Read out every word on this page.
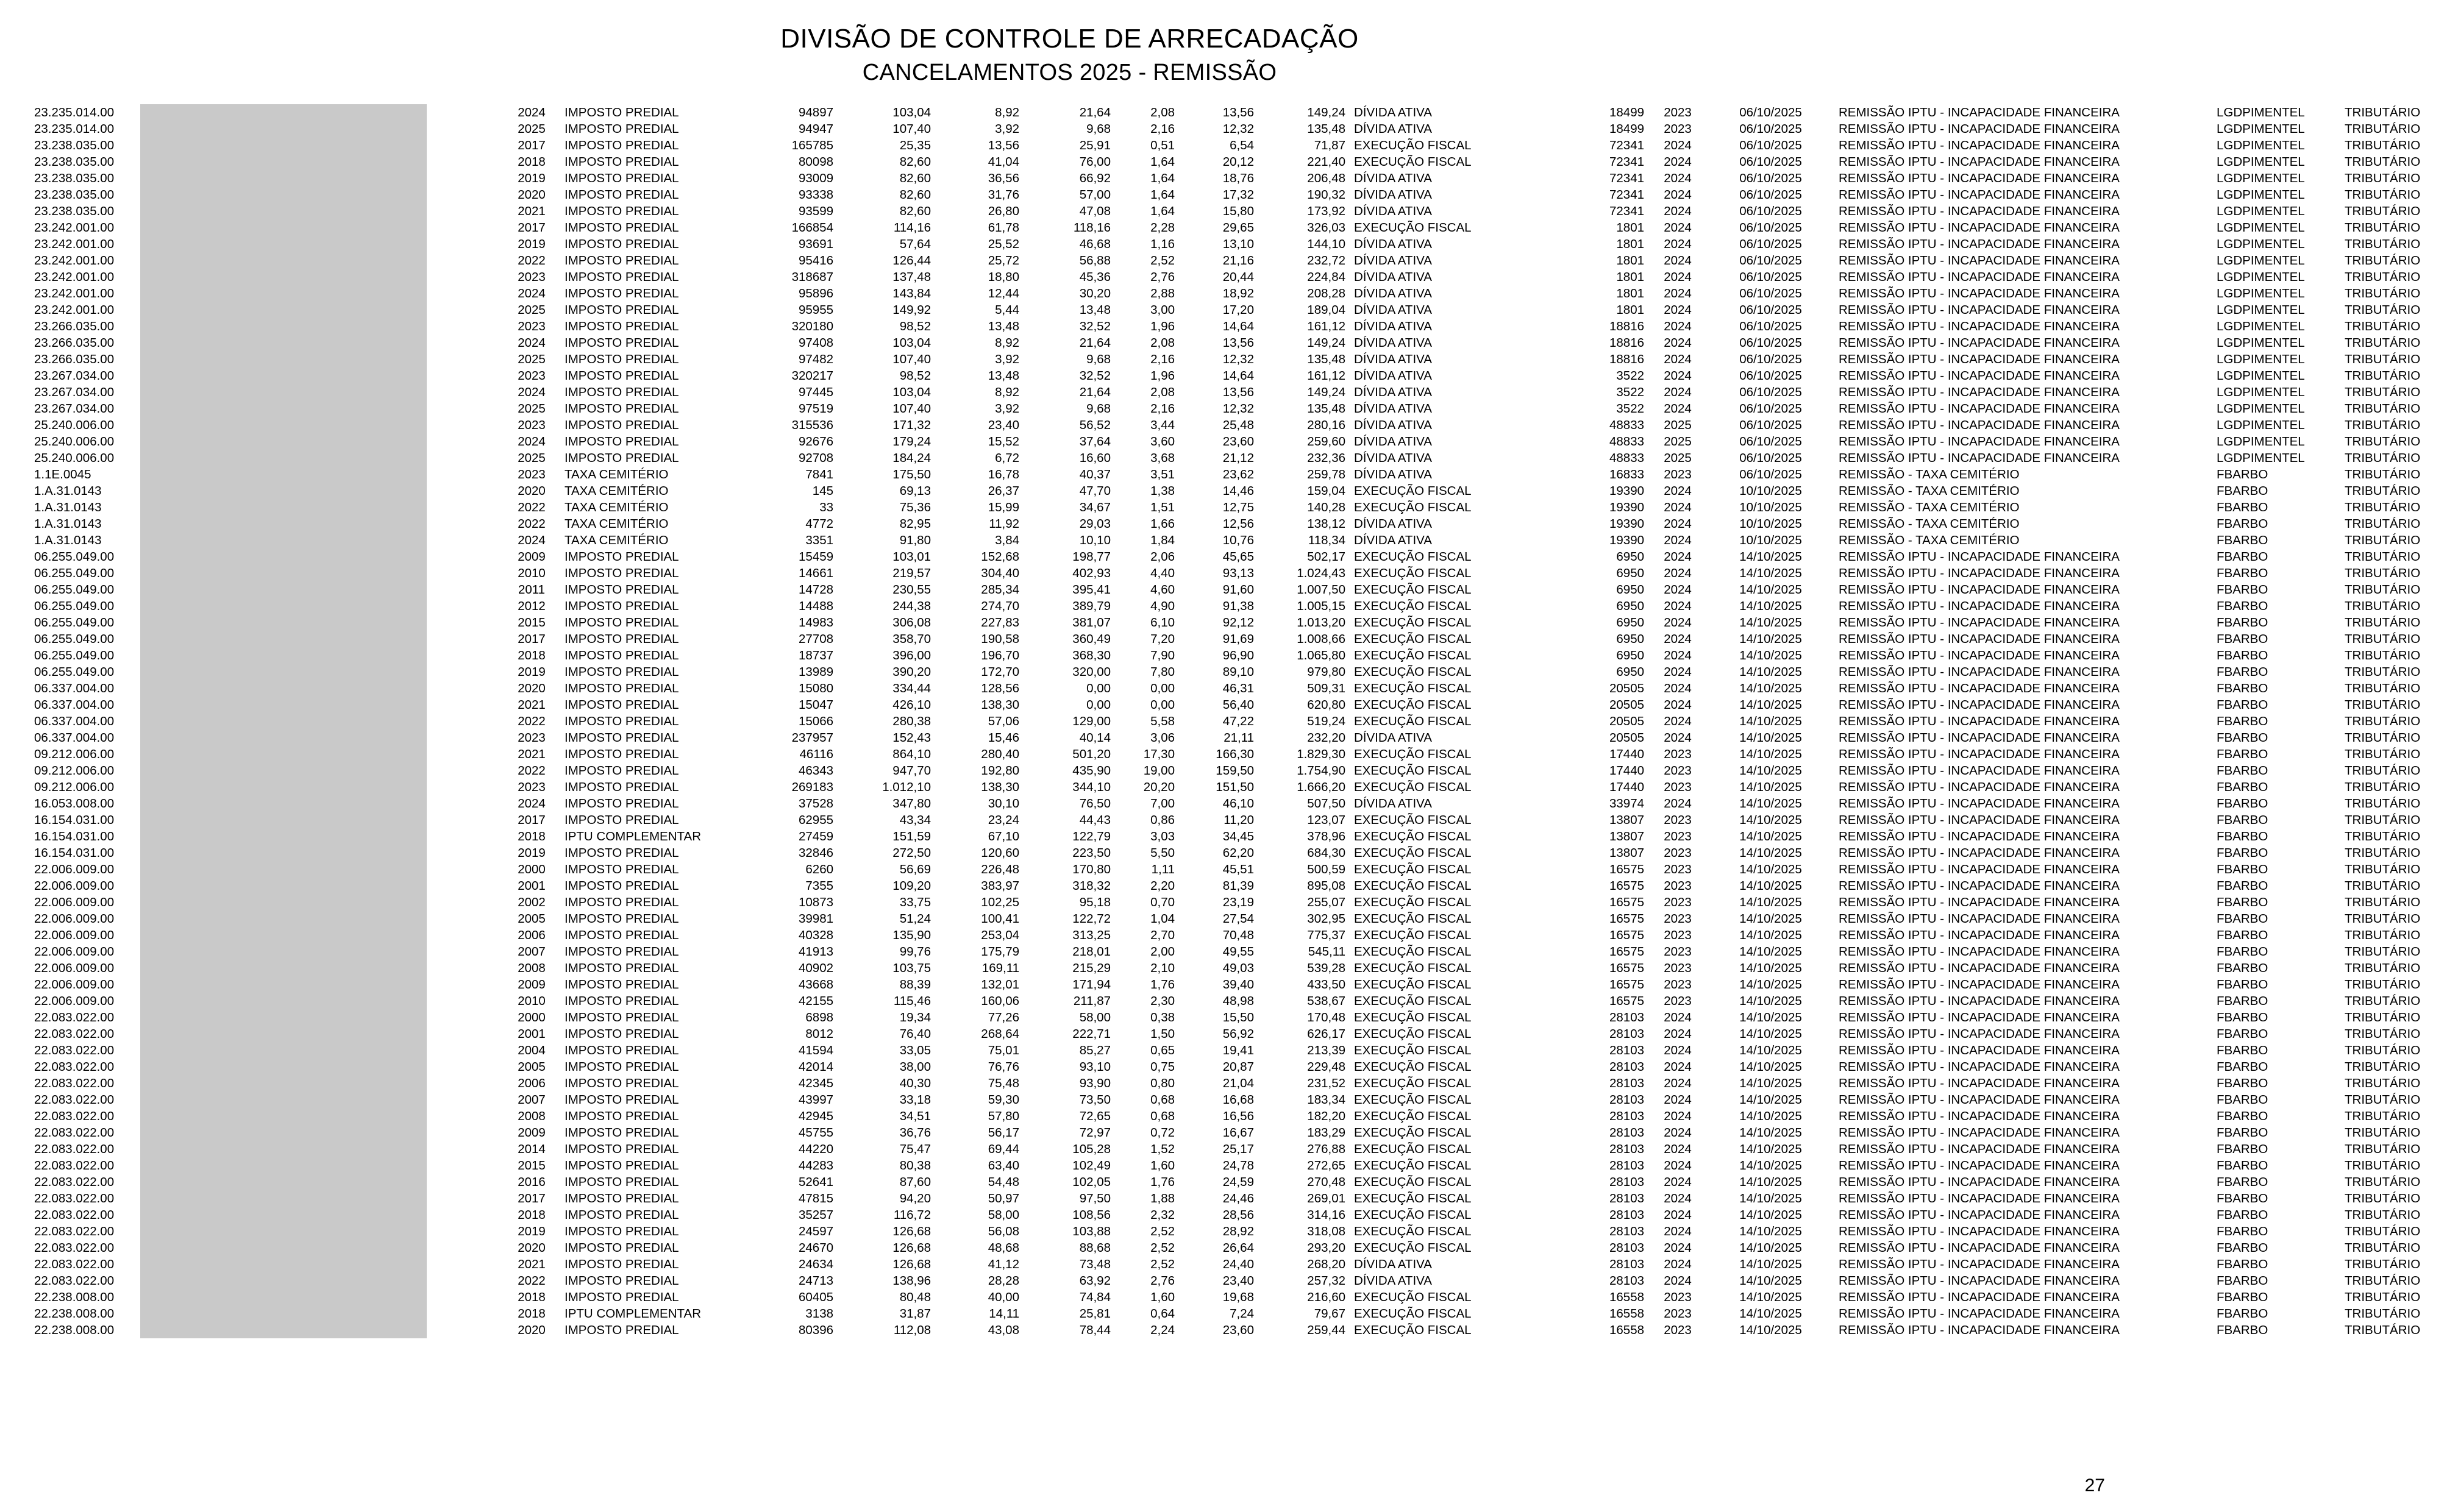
DIVISÃO DE CONTROLE DE ARRECADAÇÃO
CANCELAMENTOS 2025 - REMISSÃO
23.235.014.00			2024	IMPOSTO PREDIAL	94897	103,04	8,92	21,64	2,08	13,56	149,24	DÍVIDA ATIVA	18499	2023	06/10/2025	REMISSÃO IPTU - INCAPACIDADE FINANCEIRA	LGDPIMENTEL	TRIBUTÁRIO
23.235.014.00			2025	IMPOSTO PREDIAL	94947	107,40	3,92	9,68	2,16	12,32	135,48	DÍVIDA ATIVA	18499	2023	06/10/2025	REMISSÃO IPTU - INCAPACIDADE FINANCEIRA	LGDPIMENTEL	TRIBUTÁRIO
23.238.035.00			2017	IMPOSTO PREDIAL	165785	25,35	13,56	25,91	0,51	6,54	71,87	EXECUÇÃO FISCAL	72341	2024	06/10/2025	REMISSÃO IPTU - INCAPACIDADE FINANCEIRA	LGDPIMENTEL	TRIBUTÁRIO
23.238.035.00			2018	IMPOSTO PREDIAL	80098	82,60	41,04	76,00	1,64	20,12	221,40	EXECUÇÃO FISCAL	72341	2024	06/10/2025	REMISSÃO IPTU - INCAPACIDADE FINANCEIRA	LGDPIMENTEL	TRIBUTÁRIO
23.238.035.00			2019	IMPOSTO PREDIAL	93009	82,60	36,56	66,92	1,64	18,76	206,48	DÍVIDA ATIVA	72341	2024	06/10/2025	REMISSÃO IPTU - INCAPACIDADE FINANCEIRA	LGDPIMENTEL	TRIBUTÁRIO
23.238.035.00			2020	IMPOSTO PREDIAL	93338	82,60	31,76	57,00	1,64	17,32	190,32	DÍVIDA ATIVA	72341	2024	06/10/2025	REMISSÃO IPTU - INCAPACIDADE FINANCEIRA	LGDPIMENTEL	TRIBUTÁRIO
23.238.035.00			2021	IMPOSTO PREDIAL	93599	82,60	26,80	47,08	1,64	15,80	173,92	DÍVIDA ATIVA	72341	2024	06/10/2025	REMISSÃO IPTU - INCAPACIDADE FINANCEIRA	LGDPIMENTEL	TRIBUTÁRIO
23.242.001.00			2017	IMPOSTO PREDIAL	166854	114,16	61,78	118,16	2,28	29,65	326,03	EXECUÇÃO FISCAL	1801	2024	06/10/2025	REMISSÃO IPTU - INCAPACIDADE FINANCEIRA	LGDPIMENTEL	TRIBUTÁRIO
23.242.001.00			2019	IMPOSTO PREDIAL	93691	57,64	25,52	46,68	1,16	13,10	144,10	DÍVIDA ATIVA	1801	2024	06/10/2025	REMISSÃO IPTU - INCAPACIDADE FINANCEIRA	LGDPIMENTEL	TRIBUTÁRIO
23.242.001.00			2022	IMPOSTO PREDIAL	95416	126,44	25,72	56,88	2,52	21,16	232,72	DÍVIDA ATIVA	1801	2024	06/10/2025	REMISSÃO IPTU - INCAPACIDADE FINANCEIRA	LGDPIMENTEL	TRIBUTÁRIO
23.242.001.00			2023	IMPOSTO PREDIAL	318687	137,48	18,80	45,36	2,76	20,44	224,84	DÍVIDA ATIVA	1801	2024	06/10/2025	REMISSÃO IPTU - INCAPACIDADE FINANCEIRA	LGDPIMENTEL	TRIBUTÁRIO
23.242.001.00			2024	IMPOSTO PREDIAL	95896	143,84	12,44	30,20	2,88	18,92	208,28	DÍVIDA ATIVA	1801	2024	06/10/2025	REMISSÃO IPTU - INCAPACIDADE FINANCEIRA	LGDPIMENTEL	TRIBUTÁRIO
23.242.001.00			2025	IMPOSTO PREDIAL	95955	149,92	5,44	13,48	3,00	17,20	189,04	DÍVIDA ATIVA	1801	2024	06/10/2025	REMISSÃO IPTU - INCAPACIDADE FINANCEIRA	LGDPIMENTEL	TRIBUTÁRIO
23.266.035.00			2023	IMPOSTO PREDIAL	320180	98,52	13,48	32,52	1,96	14,64	161,12	DÍVIDA ATIVA	18816	2024	06/10/2025	REMISSÃO IPTU - INCAPACIDADE FINANCEIRA	LGDPIMENTEL	TRIBUTÁRIO
23.266.035.00			2024	IMPOSTO PREDIAL	97408	103,04	8,92	21,64	2,08	13,56	149,24	DÍVIDA ATIVA	18816	2024	06/10/2025	REMISSÃO IPTU - INCAPACIDADE FINANCEIRA	LGDPIMENTEL	TRIBUTÁRIO
23.266.035.00			2025	IMPOSTO PREDIAL	97482	107,40	3,92	9,68	2,16	12,32	135,48	DÍVIDA ATIVA	18816	2024	06/10/2025	REMISSÃO IPTU - INCAPACIDADE FINANCEIRA	LGDPIMENTEL	TRIBUTÁRIO
23.267.034.00			2023	IMPOSTO PREDIAL	320217	98,52	13,48	32,52	1,96	14,64	161,12	DÍVIDA ATIVA	3522	2024	06/10/2025	REMISSÃO IPTU - INCAPACIDADE FINANCEIRA	LGDPIMENTEL	TRIBUTÁRIO
23.267.034.00			2024	IMPOSTO PREDIAL	97445	103,04	8,92	21,64	2,08	13,56	149,24	DÍVIDA ATIVA	3522	2024	06/10/2025	REMISSÃO IPTU - INCAPACIDADE FINANCEIRA	LGDPIMENTEL	TRIBUTÁRIO
23.267.034.00			2025	IMPOSTO PREDIAL	97519	107,40	3,92	9,68	2,16	12,32	135,48	DÍVIDA ATIVA	3522	2024	06/10/2025	REMISSÃO IPTU - INCAPACIDADE FINANCEIRA	LGDPIMENTEL	TRIBUTÁRIO
25.240.006.00			2023	IMPOSTO PREDIAL	315536	171,32	23,40	56,52	3,44	25,48	280,16	DÍVIDA ATIVA	48833	2025	06/10/2025	REMISSÃO IPTU - INCAPACIDADE FINANCEIRA	LGDPIMENTEL	TRIBUTÁRIO
25.240.006.00			2024	IMPOSTO PREDIAL	92676	179,24	15,52	37,64	3,60	23,60	259,60	DÍVIDA ATIVA	48833	2025	06/10/2025	REMISSÃO IPTU - INCAPACIDADE FINANCEIRA	LGDPIMENTEL	TRIBUTÁRIO
25.240.006.00			2025	IMPOSTO PREDIAL	92708	184,24	6,72	16,60	3,68	21,12	232,36	DÍVIDA ATIVA	48833	2025	06/10/2025	REMISSÃO IPTU - INCAPACIDADE FINANCEIRA	LGDPIMENTEL	TRIBUTÁRIO
1.1E.0045			2023	TAXA CEMITÉRIO	7841	175,50	16,78	40,37	3,51	23,62	259,78	DÍVIDA ATIVA	16833	2023	06/10/2025	REMISSÃO - TAXA CEMITÉRIO	FBARBO	TRIBUTÁRIO
1.A.31.0143			2020	TAXA CEMITÉRIO	145	69,13	26,37	47,70	1,38	14,46	159,04	EXECUÇÃO FISCAL	19390	2024	10/10/2025	REMISSÃO - TAXA CEMITÉRIO	FBARBO	TRIBUTÁRIO
1.A.31.0143			2022	TAXA CEMITÉRIO	33	75,36	15,99	34,67	1,51	12,75	140,28	EXECUÇÃO FISCAL	19390	2024	10/10/2025	REMISSÃO - TAXA CEMITÉRIO	FBARBO	TRIBUTÁRIO
1.A.31.0143			2022	TAXA CEMITÉRIO	4772	82,95	11,92	29,03	1,66	12,56	138,12	DÍVIDA ATIVA	19390	2024	10/10/2025	REMISSÃO - TAXA CEMITÉRIO	FBARBO	TRIBUTÁRIO
1.A.31.0143			2024	TAXA CEMITÉRIO	3351	91,80	3,84	10,10	1,84	10,76	118,34	DÍVIDA ATIVA	19390	2024	10/10/2025	REMISSÃO - TAXA CEMITÉRIO	FBARBO	TRIBUTÁRIO
06.255.049.00			2009	IMPOSTO PREDIAL	15459	103,01	152,68	198,77	2,06	45,65	502,17	EXECUÇÃO FISCAL	6950	2024	14/10/2025	REMISSÃO IPTU - INCAPACIDADE FINANCEIRA	FBARBO	TRIBUTÁRIO
06.255.049.00			2010	IMPOSTO PREDIAL	14661	219,57	304,40	402,93	4,40	93,13	1.024,43	EXECUÇÃO FISCAL	6950	2024	14/10/2025	REMISSÃO IPTU - INCAPACIDADE FINANCEIRA	FBARBO	TRIBUTÁRIO
06.255.049.00			2011	IMPOSTO PREDIAL	14728	230,55	285,34	395,41	4,60	91,60	1.007,50	EXECUÇÃO FISCAL	6950	2024	14/10/2025	REMISSÃO IPTU - INCAPACIDADE FINANCEIRA	FBARBO	TRIBUTÁRIO
06.255.049.00			2012	IMPOSTO PREDIAL	14488	244,38	274,70	389,79	4,90	91,38	1.005,15	EXECUÇÃO FISCAL	6950	2024	14/10/2025	REMISSÃO IPTU - INCAPACIDADE FINANCEIRA	FBARBO	TRIBUTÁRIO
06.255.049.00			2015	IMPOSTO PREDIAL	14983	306,08	227,83	381,07	6,10	92,12	1.013,20	EXECUÇÃO FISCAL	6950	2024	14/10/2025	REMISSÃO IPTU - INCAPACIDADE FINANCEIRA	FBARBO	TRIBUTÁRIO
06.255.049.00			2017	IMPOSTO PREDIAL	27708	358,70	190,58	360,49	7,20	91,69	1.008,66	EXECUÇÃO FISCAL	6950	2024	14/10/2025	REMISSÃO IPTU - INCAPACIDADE FINANCEIRA	FBARBO	TRIBUTÁRIO
06.255.049.00			2018	IMPOSTO PREDIAL	18737	396,00	196,70	368,30	7,90	96,90	1.065,80	EXECUÇÃO FISCAL	6950	2024	14/10/2025	REMISSÃO IPTU - INCAPACIDADE FINANCEIRA	FBARBO	TRIBUTÁRIO
06.255.049.00			2019	IMPOSTO PREDIAL	13989	390,20	172,70	320,00	7,80	89,10	979,80	EXECUÇÃO FISCAL	6950	2024	14/10/2025	REMISSÃO IPTU - INCAPACIDADE FINANCEIRA	FBARBO	TRIBUTÁRIO
06.337.004.00			2020	IMPOSTO PREDIAL	15080	334,44	128,56	0,00	0,00	46,31	509,31	EXECUÇÃO FISCAL	20505	2024	14/10/2025	REMISSÃO IPTU - INCAPACIDADE FINANCEIRA	FBARBO	TRIBUTÁRIO
06.337.004.00			2021	IMPOSTO PREDIAL	15047	426,10	138,30	0,00	0,00	56,40	620,80	EXECUÇÃO FISCAL	20505	2024	14/10/2025	REMISSÃO IPTU - INCAPACIDADE FINANCEIRA	FBARBO	TRIBUTÁRIO
06.337.004.00			2022	IMPOSTO PREDIAL	15066	280,38	57,06	129,00	5,58	47,22	519,24	EXECUÇÃO FISCAL	20505	2024	14/10/2025	REMISSÃO IPTU - INCAPACIDADE FINANCEIRA	FBARBO	TRIBUTÁRIO
06.337.004.00			2023	IMPOSTO PREDIAL	237957	152,43	15,46	40,14	3,06	21,11	232,20	DÍVIDA ATIVA	20505	2024	14/10/2025	REMISSÃO IPTU - INCAPACIDADE FINANCEIRA	FBARBO	TRIBUTÁRIO
09.212.006.00			2021	IMPOSTO PREDIAL	46116	864,10	280,40	501,20	17,30	166,30	1.829,30	EXECUÇÃO FISCAL	17440	2023	14/10/2025	REMISSÃO IPTU - INCAPACIDADE FINANCEIRA	FBARBO	TRIBUTÁRIO
09.212.006.00			2022	IMPOSTO PREDIAL	46343	947,70	192,80	435,90	19,00	159,50	1.754,90	EXECUÇÃO FISCAL	17440	2023	14/10/2025	REMISSÃO IPTU - INCAPACIDADE FINANCEIRA	FBARBO	TRIBUTÁRIO
09.212.006.00			2023	IMPOSTO PREDIAL	269183	1.012,10	138,30	344,10	20,20	151,50	1.666,20	EXECUÇÃO FISCAL	17440	2023	14/10/2025	REMISSÃO IPTU - INCAPACIDADE FINANCEIRA	FBARBO	TRIBUTÁRIO
16.053.008.00			2024	IMPOSTO PREDIAL	37528	347,80	30,10	76,50	7,00	46,10	507,50	DÍVIDA ATIVA	33974	2024	14/10/2025	REMISSÃO IPTU - INCAPACIDADE FINANCEIRA	FBARBO	TRIBUTÁRIO
16.154.031.00			2017	IMPOSTO PREDIAL	62955	43,34	23,24	44,43	0,86	11,20	123,07	EXECUÇÃO FISCAL	13807	2023	14/10/2025	REMISSÃO IPTU - INCAPACIDADE FINANCEIRA	FBARBO	TRIBUTÁRIO
16.154.031.00			2018	IPTU COMPLEMENTAR	27459	151,59	67,10	122,79	3,03	34,45	378,96	EXECUÇÃO FISCAL	13807	2023	14/10/2025	REMISSÃO IPTU - INCAPACIDADE FINANCEIRA	FBARBO	TRIBUTÁRIO
16.154.031.00			2019	IMPOSTO PREDIAL	32846	272,50	120,60	223,50	5,50	62,20	684,30	EXECUÇÃO FISCAL	13807	2023	14/10/2025	REMISSÃO IPTU - INCAPACIDADE FINANCEIRA	FBARBO	TRIBUTÁRIO
22.006.009.00			2000	IMPOSTO PREDIAL	6260	56,69	226,48	170,80	1,11	45,51	500,59	EXECUÇÃO FISCAL	16575	2023	14/10/2025	REMISSÃO IPTU - INCAPACIDADE FINANCEIRA	FBARBO	TRIBUTÁRIO
22.006.009.00			2001	IMPOSTO PREDIAL	7355	109,20	383,97	318,32	2,20	81,39	895,08	EXECUÇÃO FISCAL	16575	2023	14/10/2025	REMISSÃO IPTU - INCAPACIDADE FINANCEIRA	FBARBO	TRIBUTÁRIO
22.006.009.00			2002	IMPOSTO PREDIAL	10873	33,75	102,25	95,18	0,70	23,19	255,07	EXECUÇÃO FISCAL	16575	2023	14/10/2025	REMISSÃO IPTU - INCAPACIDADE FINANCEIRA	FBARBO	TRIBUTÁRIO
22.006.009.00			2005	IMPOSTO PREDIAL	39981	51,24	100,41	122,72	1,04	27,54	302,95	EXECUÇÃO FISCAL	16575	2023	14/10/2025	REMISSÃO IPTU - INCAPACIDADE FINANCEIRA	FBARBO	TRIBUTÁRIO
22.006.009.00			2006	IMPOSTO PREDIAL	40328	135,90	253,04	313,25	2,70	70,48	775,37	EXECUÇÃO FISCAL	16575	2023	14/10/2025	REMISSÃO IPTU - INCAPACIDADE FINANCEIRA	FBARBO	TRIBUTÁRIO
22.006.009.00			2007	IMPOSTO PREDIAL	41913	99,76	175,79	218,01	2,00	49,55	545,11	EXECUÇÃO FISCAL	16575	2023	14/10/2025	REMISSÃO IPTU - INCAPACIDADE FINANCEIRA	FBARBO	TRIBUTÁRIO
22.006.009.00			2008	IMPOSTO PREDIAL	40902	103,75	169,11	215,29	2,10	49,03	539,28	EXECUÇÃO FISCAL	16575	2023	14/10/2025	REMISSÃO IPTU - INCAPACIDADE FINANCEIRA	FBARBO	TRIBUTÁRIO
22.006.009.00			2009	IMPOSTO PREDIAL	43668	88,39	132,01	171,94	1,76	39,40	433,50	EXECUÇÃO FISCAL	16575	2023	14/10/2025	REMISSÃO IPTU - INCAPACIDADE FINANCEIRA	FBARBO	TRIBUTÁRIO
22.006.009.00			2010	IMPOSTO PREDIAL	42155	115,46	160,06	211,87	2,30	48,98	538,67	EXECUÇÃO FISCAL	16575	2023	14/10/2025	REMISSÃO IPTU - INCAPACIDADE FINANCEIRA	FBARBO	TRIBUTÁRIO
22.083.022.00			2000	IMPOSTO PREDIAL	6898	19,34	77,26	58,00	0,38	15,50	170,48	EXECUÇÃO FISCAL	28103	2024	14/10/2025	REMISSÃO IPTU - INCAPACIDADE FINANCEIRA	FBARBO	TRIBUTÁRIO
22.083.022.00			2001	IMPOSTO PREDIAL	8012	76,40	268,64	222,71	1,50	56,92	626,17	EXECUÇÃO FISCAL	28103	2024	14/10/2025	REMISSÃO IPTU - INCAPACIDADE FINANCEIRA	FBARBO	TRIBUTÁRIO
22.083.022.00			2004	IMPOSTO PREDIAL	41594	33,05	75,01	85,27	0,65	19,41	213,39	EXECUÇÃO FISCAL	28103	2024	14/10/2025	REMISSÃO IPTU - INCAPACIDADE FINANCEIRA	FBARBO	TRIBUTÁRIO
22.083.022.00			2005	IMPOSTO PREDIAL	42014	38,00	76,76	93,10	0,75	20,87	229,48	EXECUÇÃO FISCAL	28103	2024	14/10/2025	REMISSÃO IPTU - INCAPACIDADE FINANCEIRA	FBARBO	TRIBUTÁRIO
22.083.022.00			2006	IMPOSTO PREDIAL	42345	40,30	75,48	93,90	0,80	21,04	231,52	EXECUÇÃO FISCAL	28103	2024	14/10/2025	REMISSÃO IPTU - INCAPACIDADE FINANCEIRA	FBARBO	TRIBUTÁRIO
22.083.022.00			2007	IMPOSTO PREDIAL	43997	33,18	59,30	73,50	0,68	16,68	183,34	EXECUÇÃO FISCAL	28103	2024	14/10/2025	REMISSÃO IPTU - INCAPACIDADE FINANCEIRA	FBARBO	TRIBUTÁRIO
22.083.022.00			2008	IMPOSTO PREDIAL	42945	34,51	57,80	72,65	0,68	16,56	182,20	EXECUÇÃO FISCAL	28103	2024	14/10/2025	REMISSÃO IPTU - INCAPACIDADE FINANCEIRA	FBARBO	TRIBUTÁRIO
22.083.022.00			2009	IMPOSTO PREDIAL	45755	36,76	56,17	72,97	0,72	16,67	183,29	EXECUÇÃO FISCAL	28103	2024	14/10/2025	REMISSÃO IPTU - INCAPACIDADE FINANCEIRA	FBARBO	TRIBUTÁRIO
22.083.022.00			2014	IMPOSTO PREDIAL	44220	75,47	69,44	105,28	1,52	25,17	276,88	EXECUÇÃO FISCAL	28103	2024	14/10/2025	REMISSÃO IPTU - INCAPACIDADE FINANCEIRA	FBARBO	TRIBUTÁRIO
22.083.022.00			2015	IMPOSTO PREDIAL	44283	80,38	63,40	102,49	1,60	24,78	272,65	EXECUÇÃO FISCAL	28103	2024	14/10/2025	REMISSÃO IPTU - INCAPACIDADE FINANCEIRA	FBARBO	TRIBUTÁRIO
22.083.022.00			2016	IMPOSTO PREDIAL	52641	87,60	54,48	102,05	1,76	24,59	270,48	EXECUÇÃO FISCAL	28103	2024	14/10/2025	REMISSÃO IPTU - INCAPACIDADE FINANCEIRA	FBARBO	TRIBUTÁRIO
22.083.022.00			2017	IMPOSTO PREDIAL	47815	94,20	50,97	97,50	1,88	24,46	269,01	EXECUÇÃO FISCAL	28103	2024	14/10/2025	REMISSÃO IPTU - INCAPACIDADE FINANCEIRA	FBARBO	TRIBUTÁRIO
22.083.022.00			2018	IMPOSTO PREDIAL	35257	116,72	58,00	108,56	2,32	28,56	314,16	EXECUÇÃO FISCAL	28103	2024	14/10/2025	REMISSÃO IPTU - INCAPACIDADE FINANCEIRA	FBARBO	TRIBUTÁRIO
22.083.022.00			2019	IMPOSTO PREDIAL	24597	126,68	56,08	103,88	2,52	28,92	318,08	EXECUÇÃO FISCAL	28103	2024	14/10/2025	REMISSÃO IPTU - INCAPACIDADE FINANCEIRA	FBARBO	TRIBUTÁRIO
22.083.022.00			2020	IMPOSTO PREDIAL	24670	126,68	48,68	88,68	2,52	26,64	293,20	EXECUÇÃO FISCAL	28103	2024	14/10/2025	REMISSÃO IPTU - INCAPACIDADE FINANCEIRA	FBARBO	TRIBUTÁRIO
22.083.022.00			2021	IMPOSTO PREDIAL	24634	126,68	41,12	73,48	2,52	24,40	268,20	DÍVIDA ATIVA	28103	2024	14/10/2025	REMISSÃO IPTU - INCAPACIDADE FINANCEIRA	FBARBO	TRIBUTÁRIO
22.083.022.00			2022	IMPOSTO PREDIAL	24713	138,96	28,28	63,92	2,76	23,40	257,32	DÍVIDA ATIVA	28103	2024	14/10/2025	REMISSÃO IPTU - INCAPACIDADE FINANCEIRA	FBARBO	TRIBUTÁRIO
22.238.008.00			2018	IMPOSTO PREDIAL	60405	80,48	40,00	74,84	1,60	19,68	216,60	EXECUÇÃO FISCAL	16558	2023	14/10/2025	REMISSÃO IPTU - INCAPACIDADE FINANCEIRA	FBARBO	TRIBUTÁRIO
22.238.008.00			2018	IPTU COMPLEMENTAR	3138	31,87	14,11	25,81	0,64	7,24	79,67	EXECUÇÃO FISCAL	16558	2023	14/10/2025	REMISSÃO IPTU - INCAPACIDADE FINANCEIRA	FBARBO	TRIBUTÁRIO
22.238.008.00			2020	IMPOSTO PREDIAL	80396	112,08	43,08	78,44	2,24	23,60	259,44	EXECUÇÃO FISCAL	16558	2023	14/10/2025	REMISSÃO IPTU - INCAPACIDADE FINANCEIRA	FBARBO	TRIBUTÁRIO
27
